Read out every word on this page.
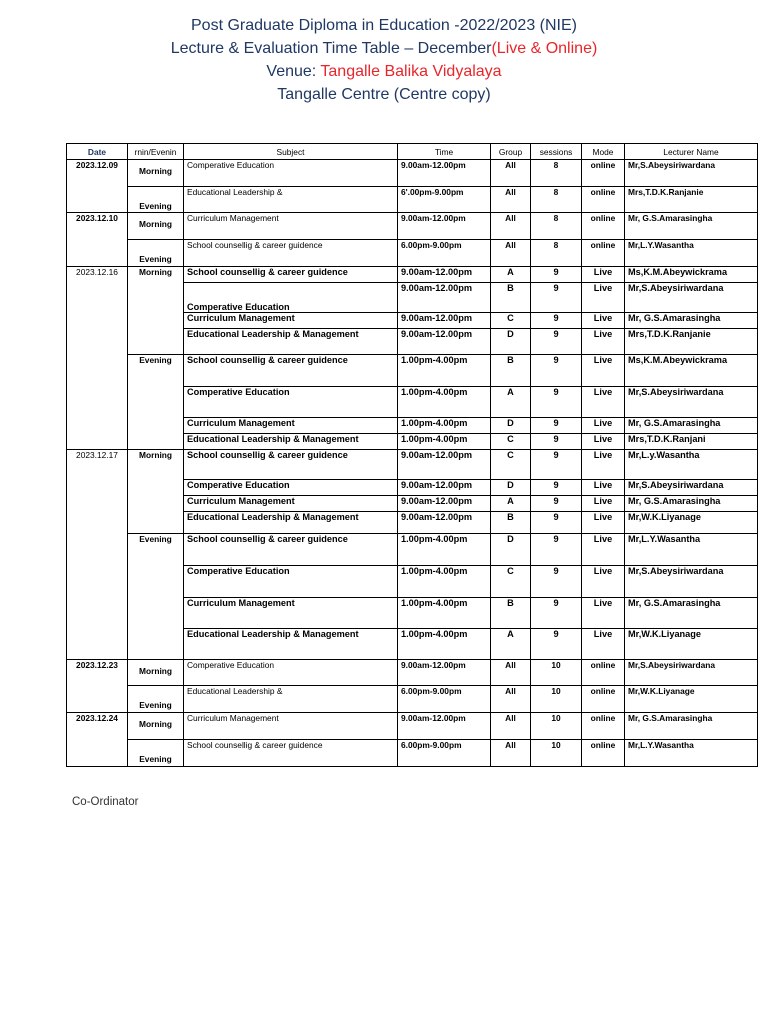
Post Graduate Diploma in Education -2022/2023 (NIE)
Lecture & Evaluation Time Table – December(Live & Online)
Venue: Tangalle Balika Vidyalaya
Tangalle Centre (Centre copy)
Date	rnin/Evenin	Subject	Time	Group	sessions	Mode	Lecturer Name
2023.12.09	Morning	Comperative Education	9.00am-12.00pm	All	8	online	Mr,S.Abeysiriwardana

	Evening	Educational Leadership &	6'.00pm-9.00pm	All	8	online	Mrs,T.D.K.Ranjanie
2023.12.10	Morning	Curriculum Management	9.00am-12.00pm	All	8	online	Mr, G.S.Amarasingha

	Evening	School counsellig & career guidence	6.00pm-9.00pm	All	8	online	Mr,L.Y.Wasantha
2023.12.16	Morning	School counsellig & career guidence	9.00am-12.00pm	A	9	Live	Ms,K.M.Abeywickrama
		Comperative Education	9.00am-12.00pm	B	9	Live	Mr,S.Abeysiriwardana
		Curriculum Management	9.00am-12.00pm	C	9	Live	Mr, G.S.Amarasingha
		Educational Leadership & Management	9.00am-12.00pm	D	9	Live	Mrs,T.D.K.Ranjanie
	Evening	School counsellig & career guidence	1.00pm-4.00pm	B	9	Live	Ms,K.M.Abeywickrama
		Comperative Education	1.00pm-4.00pm	A	9	Live	Mr,S.Abeysiriwardana
		Curriculum Management	1.00pm-4.00pm	D	9	Live	Mr, G.S.Amarasingha
		Educational Leadership & Management	1.00pm-4.00pm	C	9	Live	Mrs,T.D.K.Ranjani
2023.12.17	Morning	School counsellig & career guidence	9.00am-12.00pm	C	9	Live	Mr,L.y.Wasantha
		Comperative Education	9.00am-12.00pm	D	9	Live	Mr,S.Abeysiriwardana
		Curriculum Management	9.00am-12.00pm	A	9	Live	Mr, G.S.Amarasingha
		Educational Leadership & Management	9.00am-12.00pm	B	9	Live	Mr,W.K.Liyanage
	Evening	School counsellig & career guidence	1.00pm-4.00pm	D	9	Live	Mr,L.Y.Wasantha
		Comperative Education	1.00pm-4.00pm	C	9	Live	Mr,S.Abeysiriwardana
		Curriculum Management	1.00pm-4.00pm	B	9	Live	Mr, G.S.Amarasingha
		Educational Leadership & Management	1.00pm-4.00pm	A	9	Live	Mr,W.K.Liyanage
2023.12.23	Morning	Comperative Education	9.00am-12.00pm	All	10	online	Mr,S.Abeysiriwardana

	Evening	Educational Leadership &	6.00pm-9.00pm	All	10	online	Mr,W.K.Liyanage
2023.12.24	Morning	Curriculum Management	9.00am-12.00pm	All	10	online	Mr, G.S.Amarasingha

	Evening	School counsellig & career guidence	6.00pm-9.00pm	All	10	online	Mr,L.Y.Wasantha
Co-Ordinator
